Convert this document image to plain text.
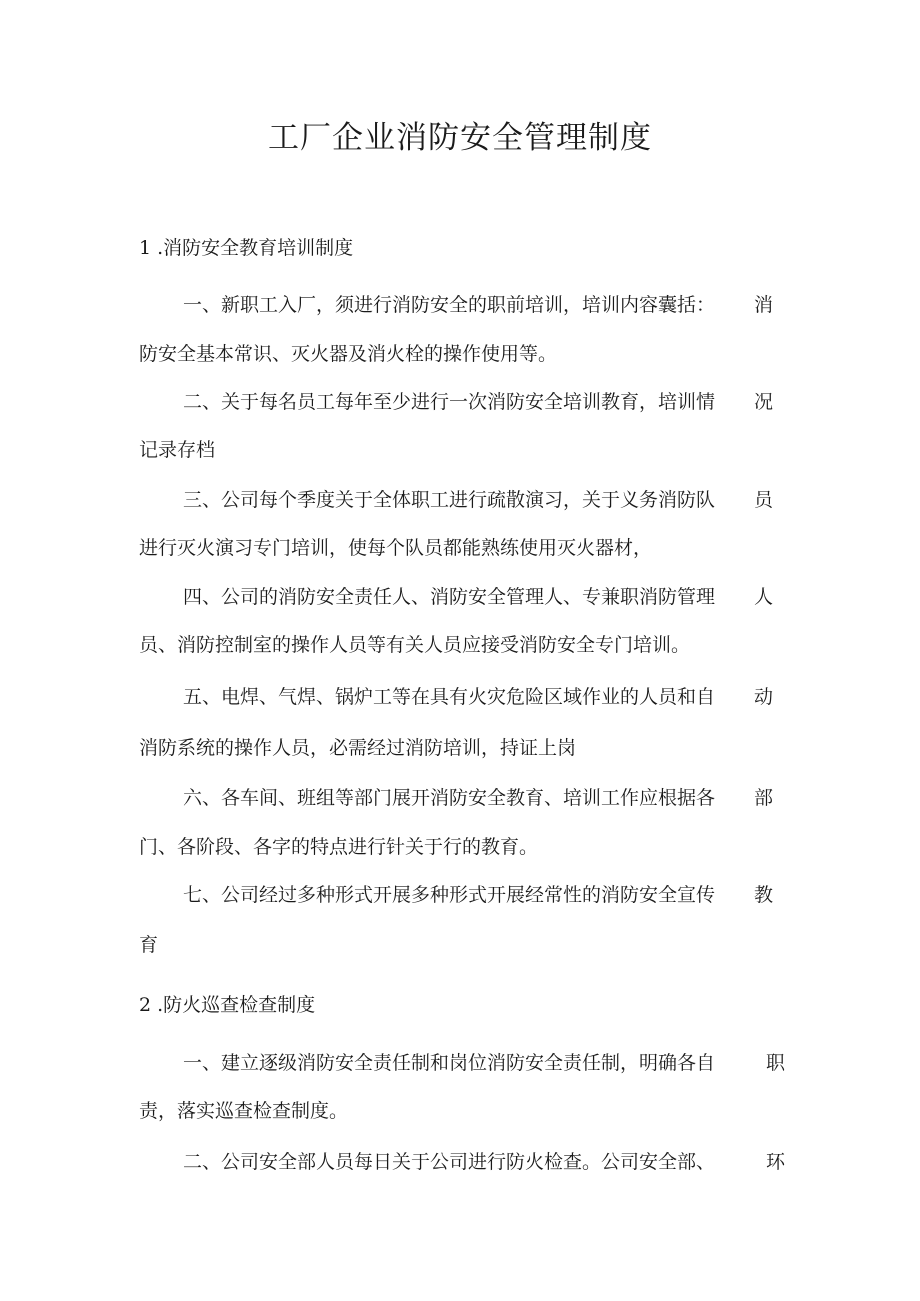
工厂企业消防安全管理制度
1 .消防安全教育培训制度
一、新职工入厂，须进行消防安全的职前培训，培训内容囊括： 消
防安全基本常识、灭火器及消火栓的操作使用等。
二、关于每名员工每年至少进行一次消防安全培训教育，培训情 况
记录存档
三、公司每个季度关于全体职工进行疏散演习，关于义务消防队 员
进行灭火演习专门培训，使每个队员都能熟练使用灭火器材，
四、公司的消防安全责任人、消防安全管理人、专兼职消防管理 人
员、消防控制室的操作人员等有关人员应接受消防安全专门培训。
五、电焊、气焊、锅炉工等在具有火灾危险区域作业的人员和自 动
消防系统的操作人员，必需经过消防培训，持证上岗
六、各车间、班组等部门展开消防安全教育、培训工作应根据各 部
门、各阶段、各字的特点进行针关于行的教育。
七、公司经过多种形式开展多种形式开展经常性的消防安全宣传 教
育
2 .防火巡查检查制度
一、建立逐级消防安全责任制和岗位消防安全责任制，明确各自	职
责，落实巡查检查制度。
二、公司安全部人员每日关于公司进行防火检查。公司安全部、	环
